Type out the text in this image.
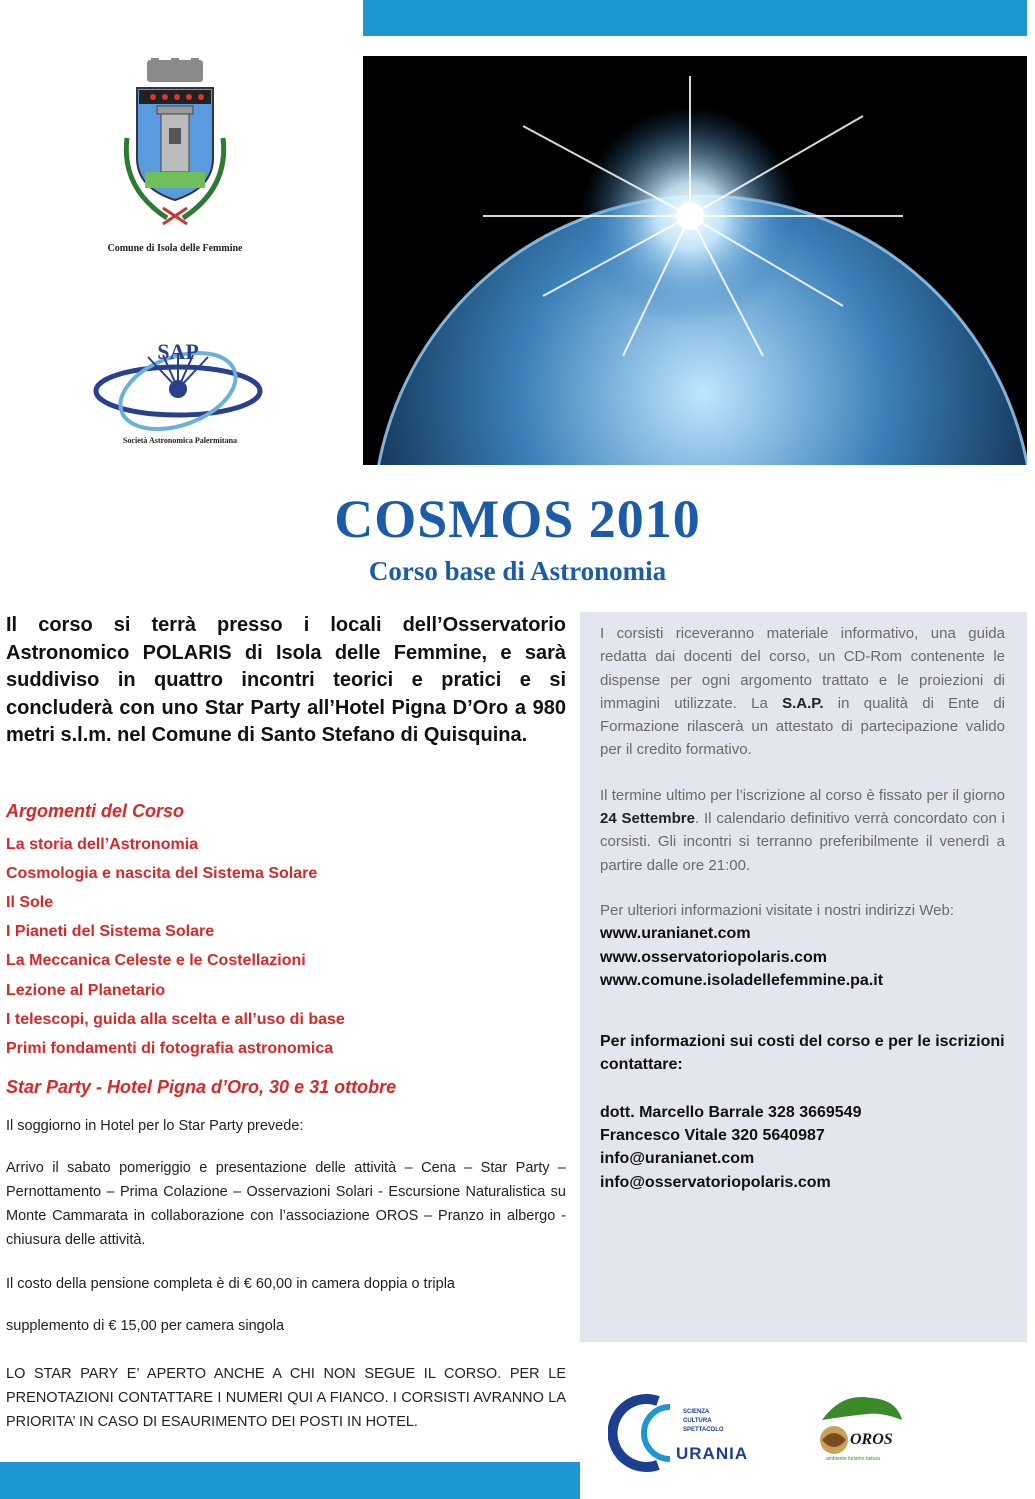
Comune di Isola delle Femmine
SAP
Società Astronomica Palermitana
COSMOS 2010
Corso base di Astronomia

Il corso si terrà presso i locali dell’Osservatorio Astronomico POLARIS di Isola delle Femmine, e sarà suddiviso in quattro incontri teorici e pratici e si concluderà con uno Star Party all’Hotel Pigna D’Oro a 980 metri s.l.m. nel Comune di Santo Stefano di Quisquina.

Argomenti del Corso
La storia dell’Astronomia
Cosmologia e nascita del Sistema Solare
Il Sole
I Pianeti del Sistema Solare
La Meccanica Celeste e le Costellazioni
Lezione al Planetario
I telescopi, guida alla scelta e all’uso di base
Primi fondamenti di fotografia astronomica
Star Party - Hotel Pigna d’Oro, 30 e 31 ottobre

Il soggiorno in Hotel per lo Star Party prevede:

Arrivo il sabato pomeriggio e presentazione delle attività – Cena – Star Party – Pernottamento – Prima Colazione – Osservazioni Solari - Escursione Naturalistica su Monte Cammarata in collaborazione con l’associazione OROS – Pranzo in albergo - chiusura delle attività.

Il costo della pensione completa è di € 60,00 in camera doppia o tripla

supplemento di € 15,00 per camera singola

LO STAR PARY E’ APERTO ANCHE A CHI NON SEGUE IL CORSO. PER LE PRENOTAZIONI CONTATTARE I NUMERI QUI A FIANCO. I CORSISTI AVRANNO LA PRIORITA’ IN CASO DI ESAURIMENTO DEI POSTI IN HOTEL.

I corsisti riceveranno materiale informativo, una guida redatta dai docenti del corso, un CD-Rom contenente le dispense per ogni argomento trattato e le proiezioni di immagini utilizzate. La S.A.P. in qualità di Ente di Formazione rilascerà un attestato di partecipazione valido per il credito formativo.

Il termine ultimo per l’iscrizione al corso è fissato per il giorno 24 Settembre. Il calendario definitivo verrà concordato con i corsisti. Gli incontri si terranno preferibilmente il venerdì a partire dalle ore 21:00.

Per ulteriori informazioni visitate i nostri indirizzi Web:

www.uranianet.com
www.osservatoriopolaris.com
www.comune.isoladellefemmine.pa.it
Per informazioni sui costi del corso e per le iscrizioni contattare:
dott. Marcello Barrale 328 3669549
Francesco Vitale 320 5640987
info@uranianet.com
info@osservatoriopolaris.com
SCIENZA
CULTURA
SPETTACOLO
URANIA
OROS
ambiente turismo natura
